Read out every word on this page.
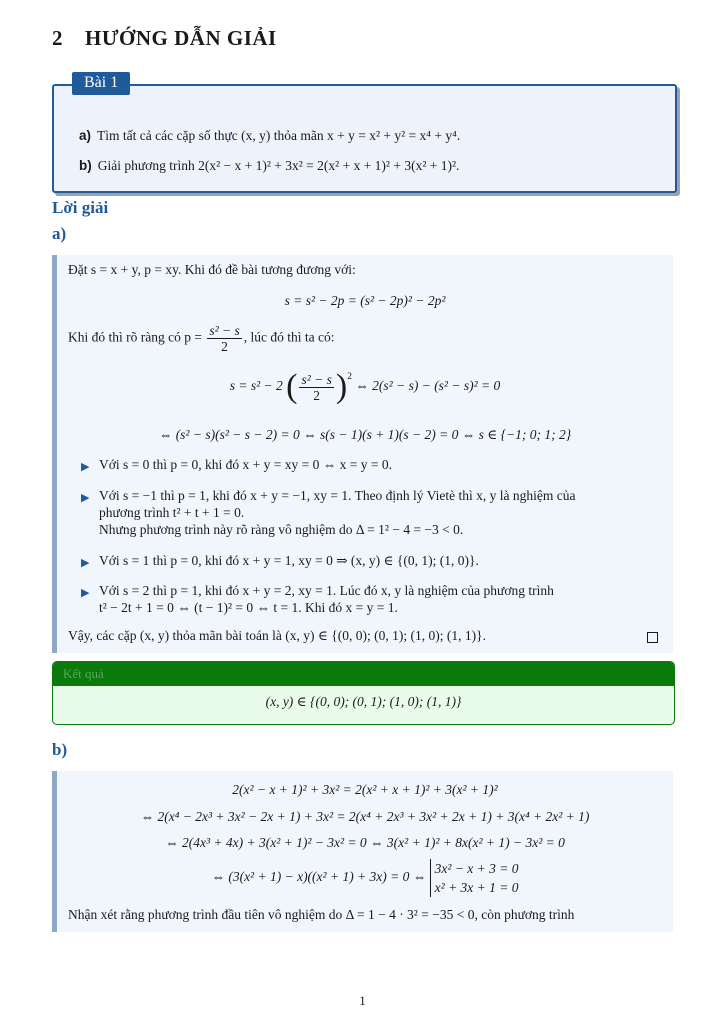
2 HƯỚNG DẪN GIẢI
a) Tìm tất cả các cặp số thực (x, y) thỏa mãn x + y = x² + y² = x⁴ + y⁴.
b) Giải phương trình 2(x² − x + 1)² + 3x² = 2(x² + x + 1)² + 3(x² + 1)².
Bài 1
Lời giải
a)
Đặt s = x + y, p = xy. Khi đó đề bài tương đương với:
s = s² − 2p = (s² − 2p)² − 2p²
Khi đó thì rõ ràng có $p = \frac{\text{s² − s}}{2}$ , lúc đó thì ta có:
s = s² − 2 ( $\frac{\text{s² − s}}{2} )^2$ ⇔ 2(s² − s) − (s² − s)² = 0
⇔ (s² − s)(s² − s − 2) = 0 ⇔ s(s − 1)(s + 1)(s − 2) = 0 ⇔ s ∈ {−1; 0; 1; 2}
▶ Với s = 0 thì p = 0, khi đó x + y = xy = 0 ⇔ x = y = 0.
▶ Với s = −1 thì p = 1, khi đó x + y = −1, xy = 1. Theo định lý Vietè thì x, y là nghiệm của
phương trình t² + t + 1 = 0.
Nhưng phương trình này rõ ràng vô nghiệm do Δ = 1² − 4 = −3 < 0.
▶ Với s = 1 thì p = 0, khi đó x + y = 1, xy = 0 ⇒ (x, y) ∈ {(0, 1); (1, 0)}.
▶ Với s = 2 thì p = 1, khi đó x + y = 2, xy = 1. Lúc đó x, y là nghiệm của phương trình
t² − 2t + 1 = 0 ⇔ (t − 1)² = 0 ⇔ t = 1. Khi đó x = y = 1.
Vậy, các cặp (x, y) thỏa mãn bài toán là (x, y) ∈ {(0, 0); (0, 1); (1, 0); (1, 1)}.
Kết quả
(x, y) ∈ {(0, 0); (0, 1); (1, 0); (1, 1)}
b)
2(x² − x + 1)² + 3x² = 2(x² + x + 1)² + 3(x² + 1)²
⇔ 2(x⁴ − 2x³ + 3x² − 2x + 1) + 3x² = 2(x⁴ + 2x³ + 3x² + 2x + 1) + 3(x⁴ + 2x² + 1)
⇔ 2(4x³ + 4x) + 3(x² + 1)² − 3x² = 0 ⇔ 3(x² + 1)² + 8x(x² + 1) − 3x² = 0
⇔ (3(x² + 1) − x)((x² + 1) + 3x) = 0 ⇔
3x² − x + 3 = 0
x² + 3x + 1 = 0
Nhận xét rằng phương trình đầu tiên vô nghiệm do Δ = 1 − 4 · 3² = −35 < 0, còn phương trình
1
